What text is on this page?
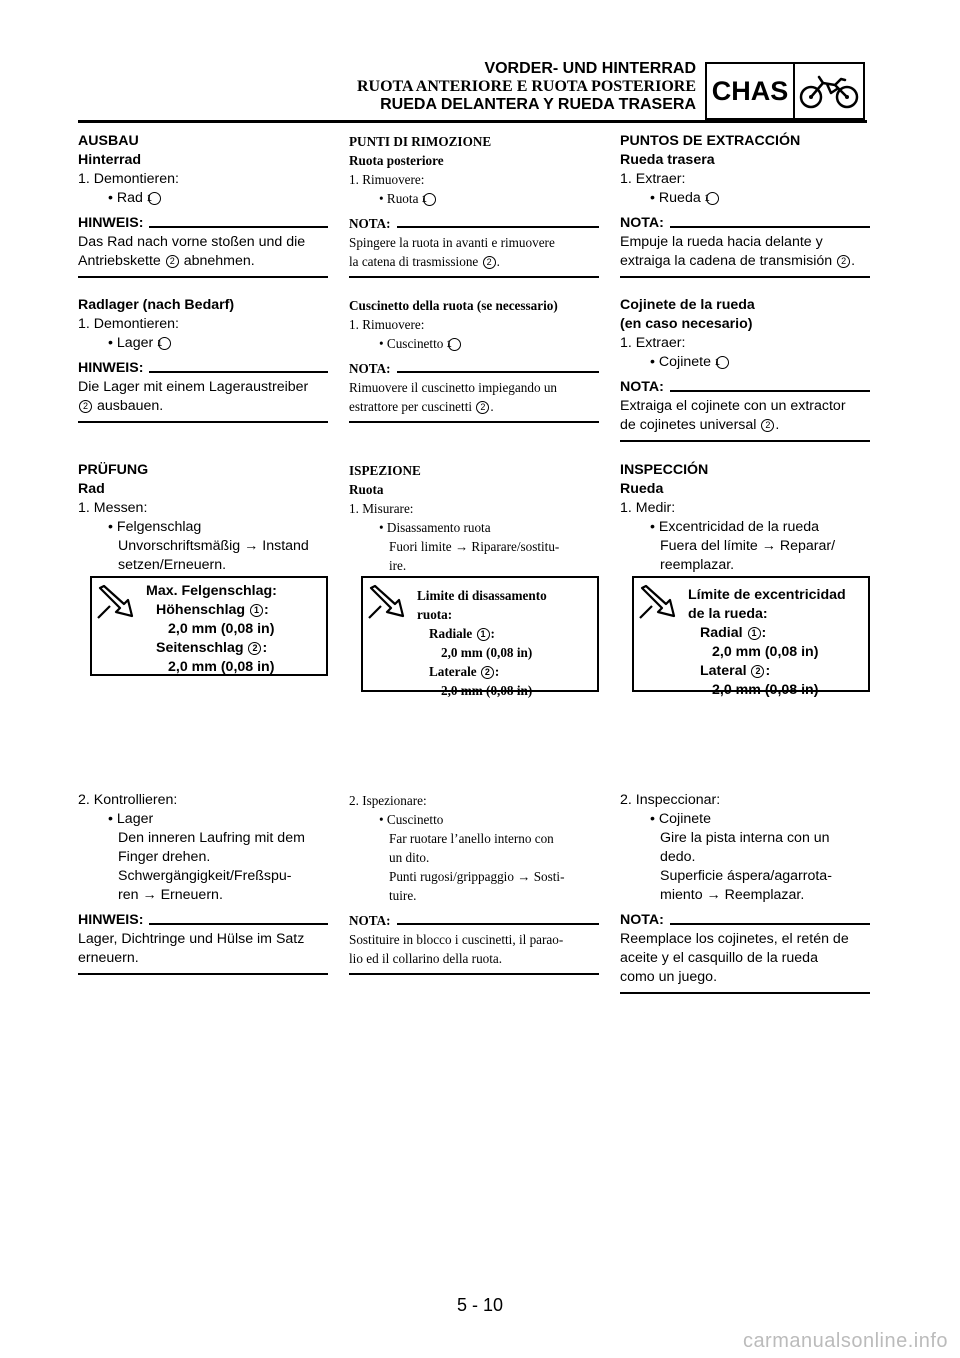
VORDER- UND HINTERRAD
RUOTA ANTERIORE E RUOTA POSTERIORE
RUEDA DELANTERA Y RUEDA TRASERA CHAS

AUSBAU

Hinterrad

1. Demontieren:

• Rad 1

HINWEIS:

Das Rad nach vorne stoßen und die

Antriebskette 2 abnehmen.

Radlager (nach Bedarf)

1. Demontieren:

• Lager 1

HINWEIS:

Die Lager mit einem Lageraustreiber

2 ausbauen.

PRÜFUNG

Rad

1. Messen:

• Felgenschlag

Unvorschriftsmäßig → Instand

setzen/Erneuern.

Max. Felgenschlag:

Höhenschlag 1 :

2,0 mm (0,08 in)

Seitenschlag 2 :

2,0 mm (0,08 in)

2. Kontrollieren:

• Lager

Den inneren Laufring mit dem

Finger drehen.

Schwergängigkeit/Freßspu-

ren → Erneuern.

HINWEIS:

Lager, Dichtringe und Hülse im Satz

erneuern.

PUNTI DI RIMOZIONE

Ruota posteriore

1. Rimuovere:

• Ruota 1

NOTA:

Spingere la ruota in avanti e rimuovere

la catena di trasmissione 2 .

Cuscinetto della ruota (se necessario)

1. Rimuovere:

• Cuscinetto 1

NOTA:

Rimuovere il cuscinetto impiegando un

estrattore per cuscinetti 2 .

ISPEZIONE

Ruota

1. Misurare:

• Disassamento ruota

Fuori limite → Riparare/sostitu-

ire.

Limite di disassamento

ruota:

Radiale 1 :

2,0 mm (0,08 in)

Laterale 2 :

2,0 mm (0,08 in)

2. Ispezionare:

• Cuscinetto

Far ruotare l’anello interno con

un dito.

Punti rugosi/grippaggio → Sosti-

tuire.

NOTA:

Sostituire in blocco i cuscinetti, il parao-

lio ed il collarino della ruota.

PUNTOS DE EXTRACCIÓN

Rueda trasera

1. Extraer:

• Rueda 1

NOTA:

Empuje la rueda hacia delante y

extraiga la cadena de transmisión 2 .

Cojinete de la rueda

(en caso necesario)

1. Extraer:

• Cojinete 1

NOTA:

Extraiga el cojinete con un extractor

de cojinetes universal 2 .

INSPECCIÓN

Rueda

1. Medir:

• Excentricidad de la rueda

Fuera del límite → Reparar/

reemplazar.

Límite de excentricidad

de la rueda:

Radial 1 :

2,0 mm (0,08 in)

Lateral 2 :

2,0 mm (0,08 in)

2. Inspeccionar:

• Cojinete

Gire la pista interna con un

dedo.

Superficie áspera/agarrota-

miento → Reemplazar.

NOTA:

Reemplace los cojinetes, el retén de

aceite y el casquillo de la rueda

como un juego.

5 - 10
carmanualsonline.info
